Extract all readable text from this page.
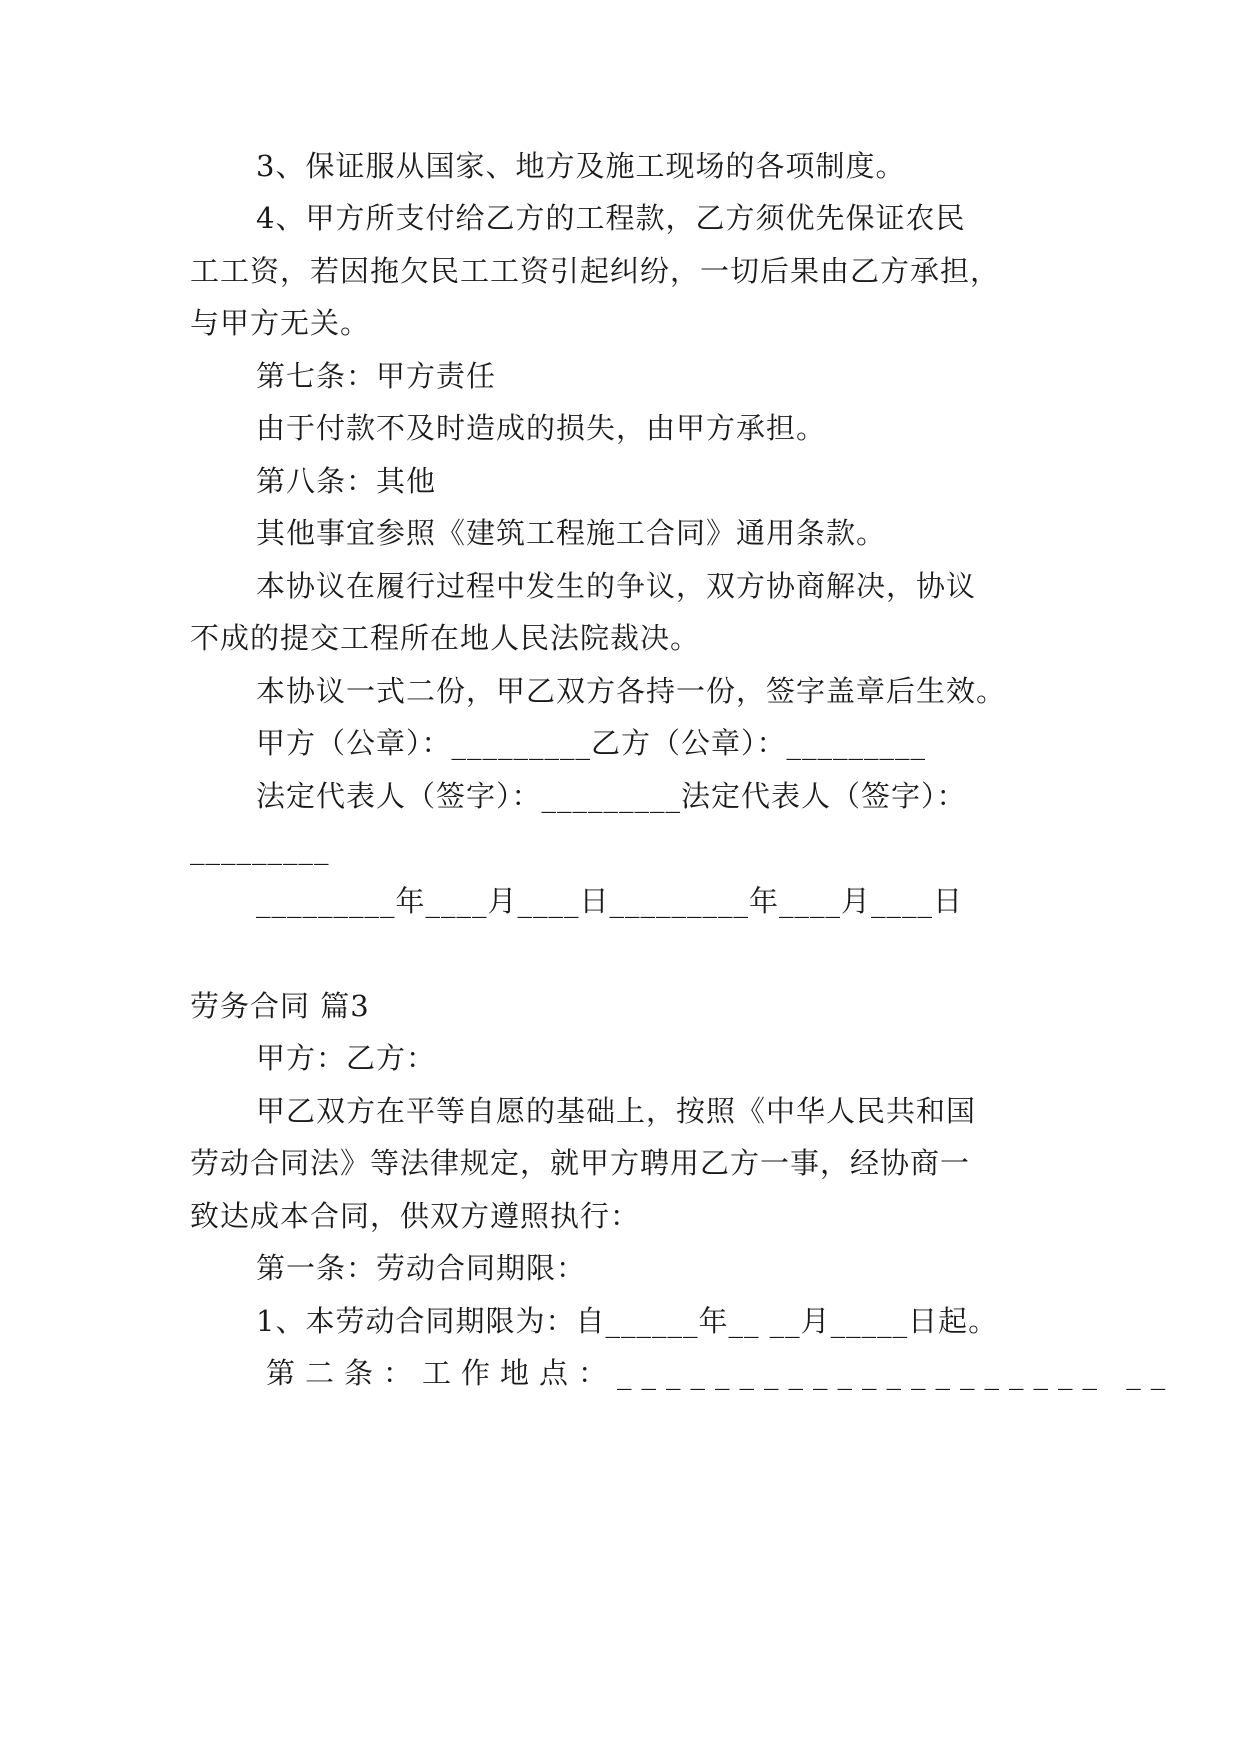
3、保证服从国家、地方及施工现场的各项制度。
4、甲方所支付给乙方的工程款，乙方须优先保证农民
工工资，若因拖欠民工工资引起纠纷，一切后果由乙方承担，
与甲方无关。
第七条：甲方责任
由于付款不及时造成的损失，由甲方承担。
第八条：其他
其他事宜参照《建筑工程施工合同》通用条款。
本协议在履行过程中发生的争议，双方协商解决，协议
不成的提交工程所在地人民法院裁决。
本协议一式二份，甲乙双方各持一份，签字盖章后生效。
甲方（公章）：_________乙方（公章）：_________
法定代表人（签字）：_________法定代表人（签字）：
_________
_________年____月____日_________年____月____日
劳务合同 篇3
甲方：乙方：
甲乙双方在平等自愿的基础上，按照《中华人民共和国
劳动合同法》等法律规定，就甲方聘用乙方一事，经协商一
致达成本合同，供双方遵照执行：
第一条：劳动合同期限：
1、本劳动合同期限为：自______年__ __月_____日起。
第二条：工作地点：____________________ __
